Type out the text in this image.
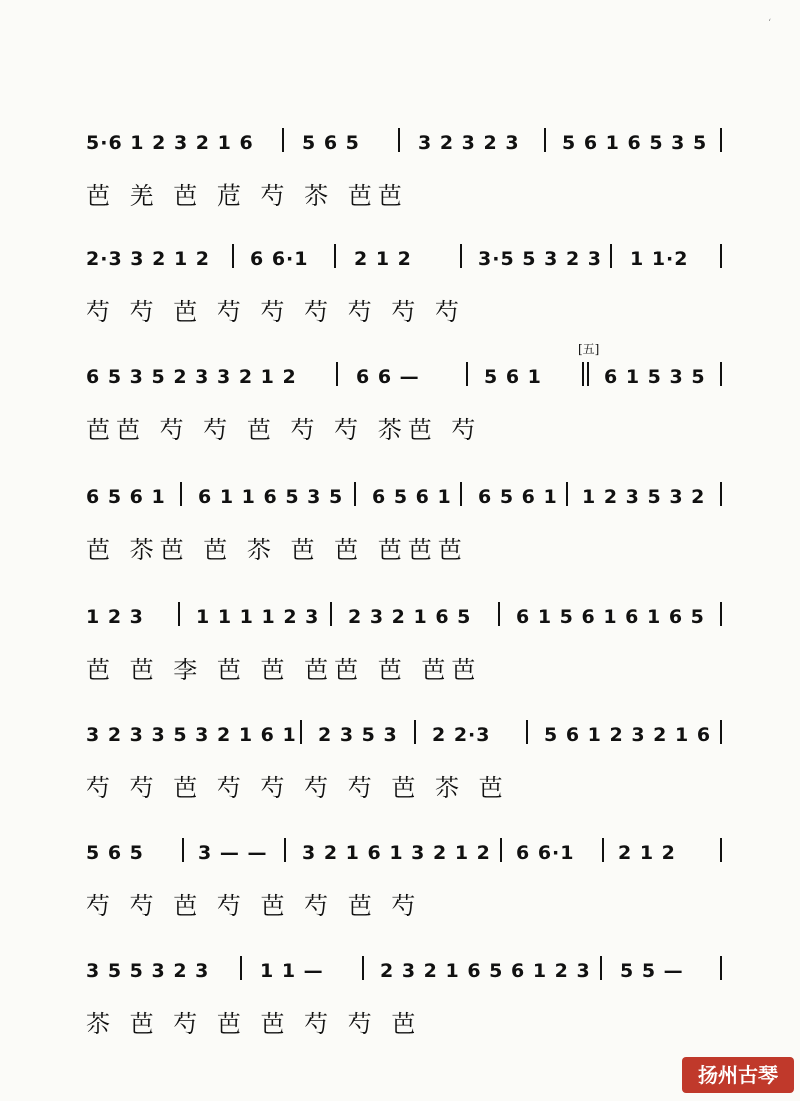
‘
[五]
5·6 1 2 3 2 1 6	5 6 5	3 2 3 2 3 5 6 1 6 5 3 5
芭 羌 芭 苊 芍 苶 芭芭
2·3 3 2 1 2 6 6·1 2 1 2	3·5 5 3 2 3 1 1·2
芍 芍 芭 芍 芍 芍 芍 芍 芍
6 5 3 5 2 3 3 2 1 2	6 6 —	5 6 1	6 1 5 3 5
芭芭 芍 芍 芭 芍 芍 苶芭 芍
6 5 6 1 6 1 1 6 5 3 5 6 5 6 1 6 5 6 1 1 2 3 5 3 2
芭 苶芭 芭 苶 芭 芭 芭芭芭
1 2 3	1 1 1 1 2 3 2 3 2 1 6 5 6 1 5 6 1 6 1 6 5
芭 芭 李 芭 芭 芭芭 芭 芭芭
3 2 3 3 5 3 2 1 6 1 2 3 5 3 2 2·3	5 6 1 2 3 2 1 6
芍 芍 芭 芍 芍 芍 芍 芭 苶 芭
5 6 5	3 — — 3 2 1 6 1 3 2 1 2 6 6·1 2 1 2
芍 芍 芭 芍 芭 芍 芭 芍
3 5 5 3 2 3	1 1 —	2 3 2 1 6 5 6 1 2 3 5 5 —
苶 芭 芍 芭 芭 芍 芍 芭
扬州古琴
